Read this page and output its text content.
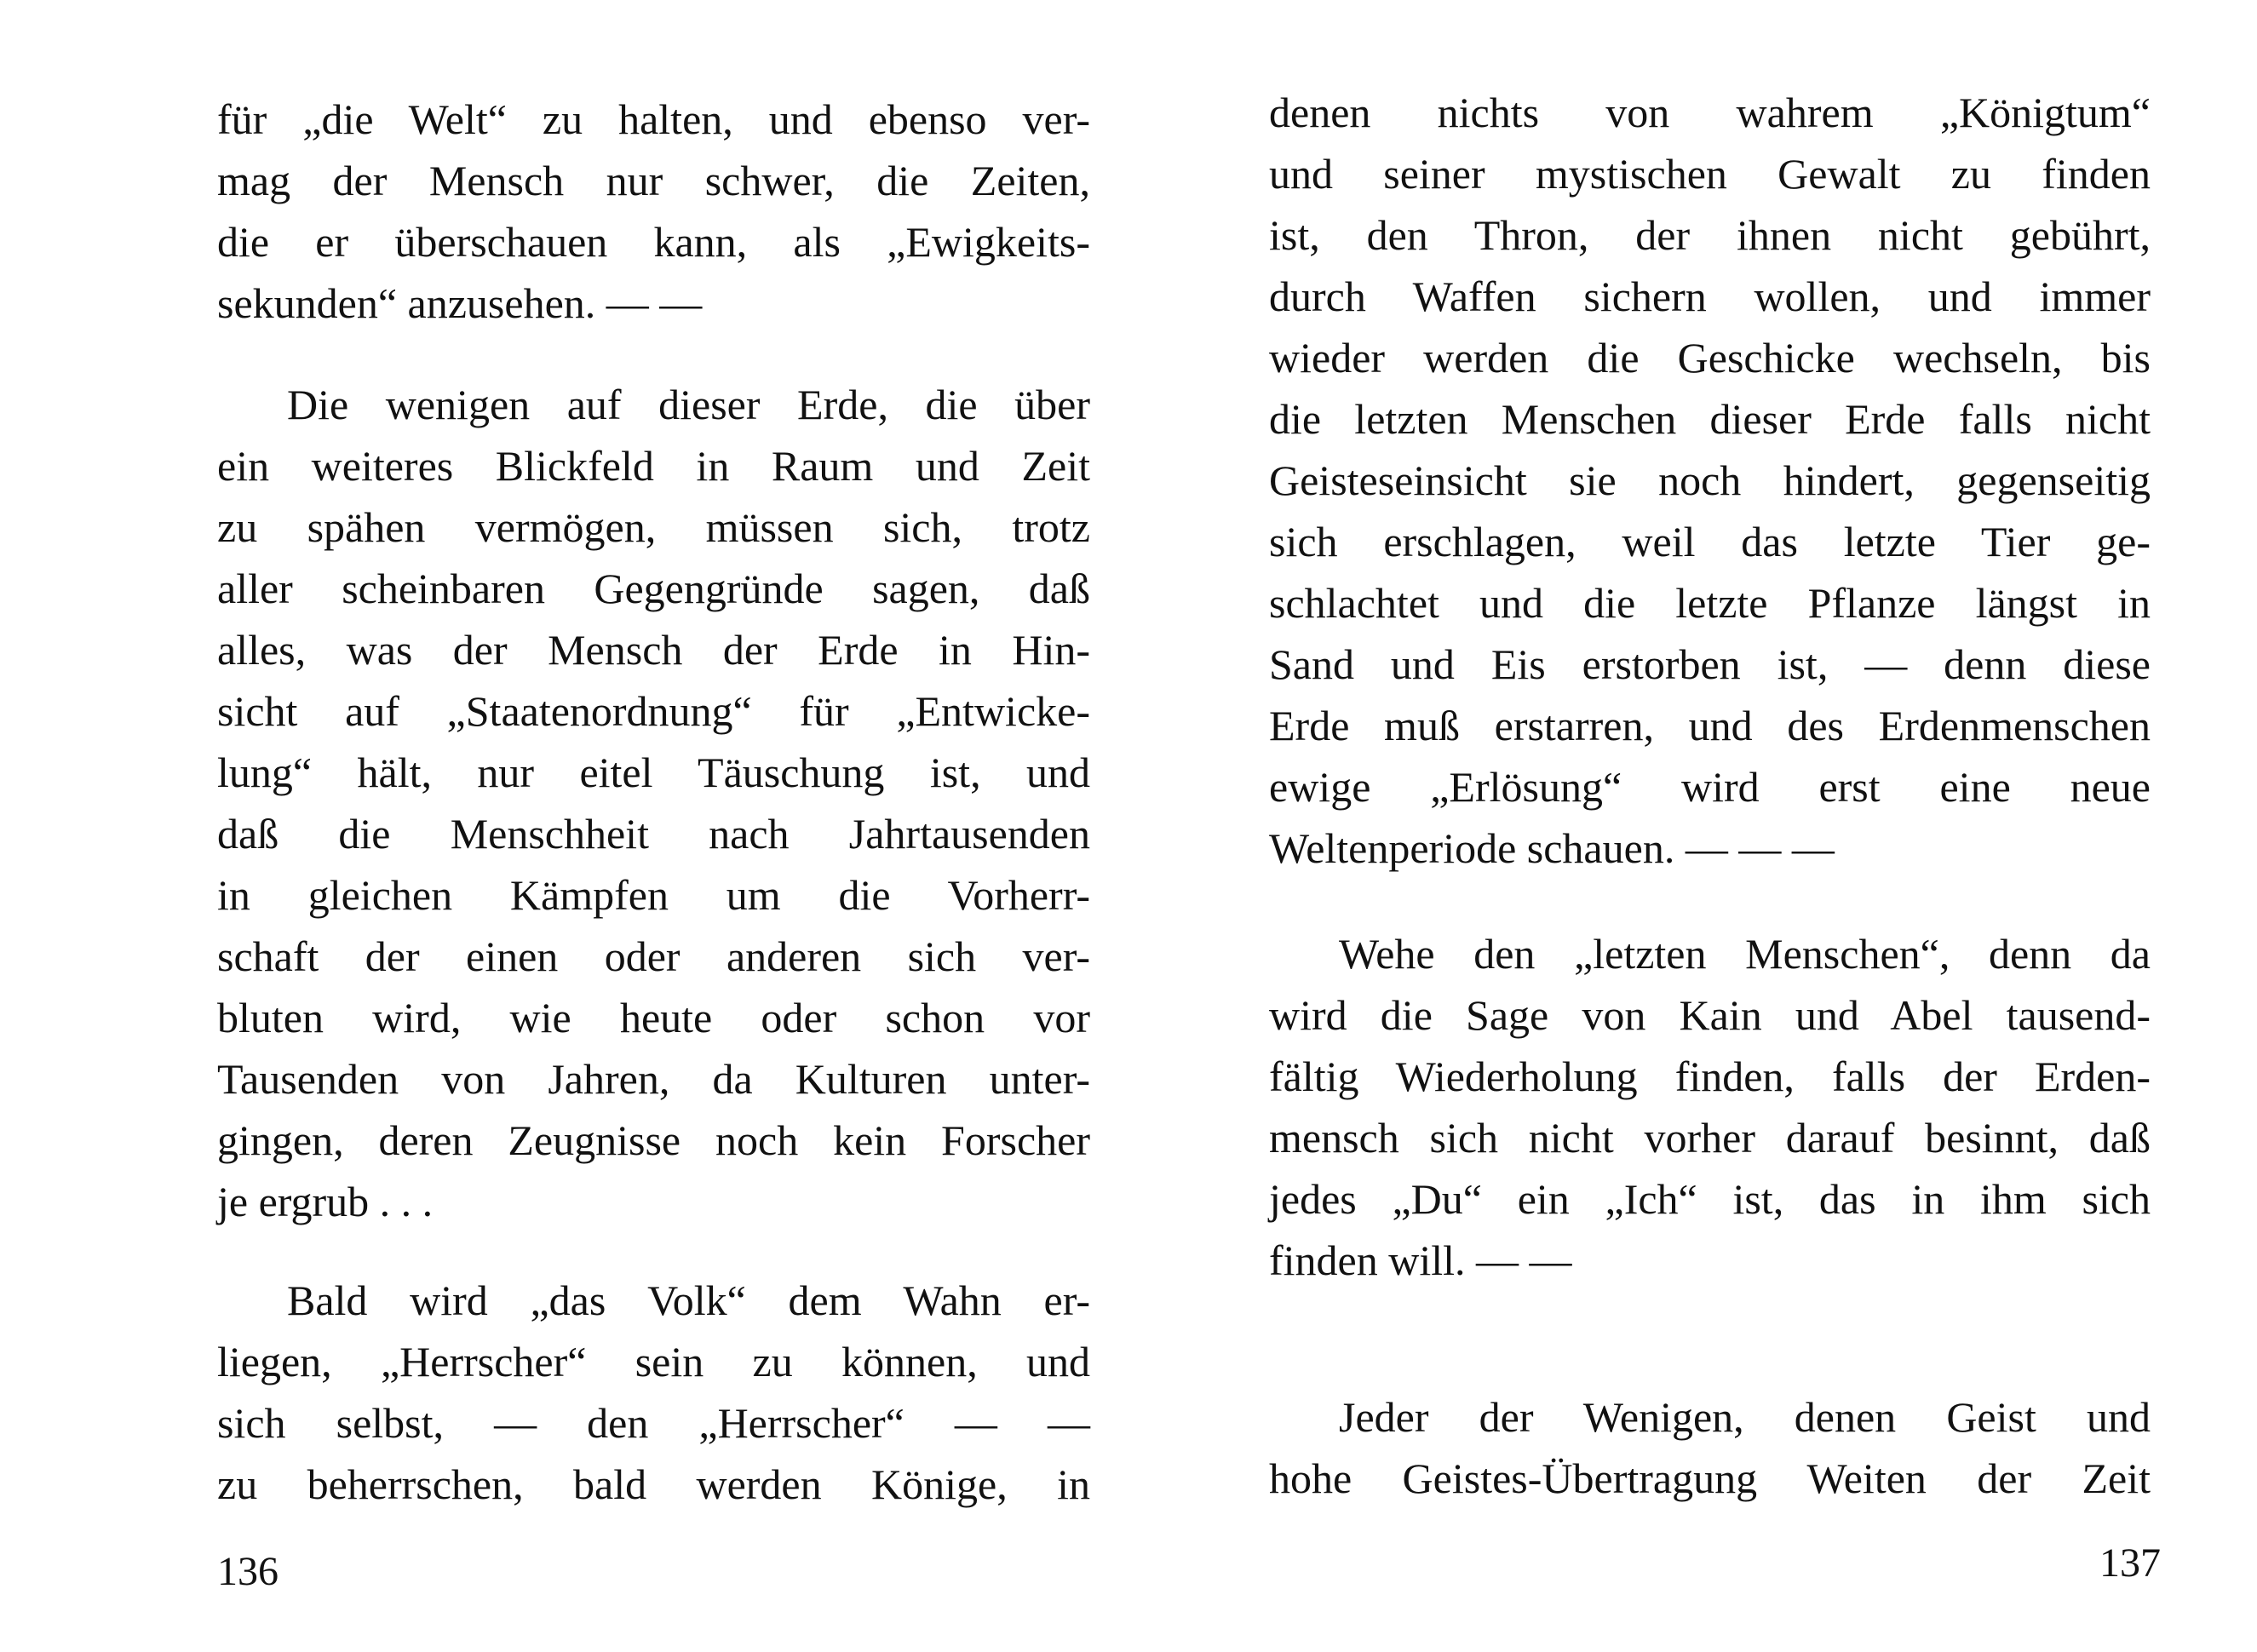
für „die Welt“ zu halten, und ebenso ver-
mag der Mensch nur schwer, die Zeiten,
die er überschauen kann, als „Ewigkeits-
sekunden“ anzusehen. — —
Die wenigen auf dieser Erde, die über
ein weiteres Blickfeld in Raum und Zeit
zu spähen vermögen, müssen sich, trotz
aller scheinbaren Gegengründe sagen, daß
alles, was der Mensch der Erde in Hin-
sicht auf „Staatenordnung“ für „Entwicke-
lung“ hält, nur eitel Täuschung ist, und
daß die Menschheit nach Jahrtausenden
in gleichen Kämpfen um die Vorherr-
schaft der einen oder anderen sich ver-
bluten wird, wie heute oder schon vor
Tausenden von Jahren, da Kulturen unter-
gingen, deren Zeugnisse noch kein Forscher
je ergrub . . .
Bald wird „das Volk“ dem Wahn er-
liegen, „Herrscher“ sein zu können, und
sich selbst, — den „Herrscher“ — —
zu beherrschen, bald werden Könige, in
136
denen nichts von wahrem „Königtum“
und seiner mystischen Gewalt zu finden
ist, den Thron, der ihnen nicht gebührt,
durch Waffen sichern wollen, und immer
wieder werden die Geschicke wechseln, bis
die letzten Menschen dieser Erde falls nicht
Geisteseinsicht sie noch hindert, gegenseitig
sich erschlagen, weil das letzte Tier ge-
schlachtet und die letzte Pflanze längst in
Sand und Eis erstorben ist, — denn diese
Erde muß erstarren, und des Erdenmenschen
ewige „Erlösung“ wird erst eine neue
Weltenperiode schauen. — — —
Wehe den „letzten Menschen“, denn da
wird die Sage von Kain und Abel tausend-
fältig Wiederholung finden, falls der Erden-
mensch sich nicht vorher darauf besinnt, daß
jedes „Du“ ein „Ich“ ist, das in ihm sich
finden will. — —
Jeder der Wenigen, denen Geist und
hohe Geistes-Übertragung Weiten der Zeit
137
